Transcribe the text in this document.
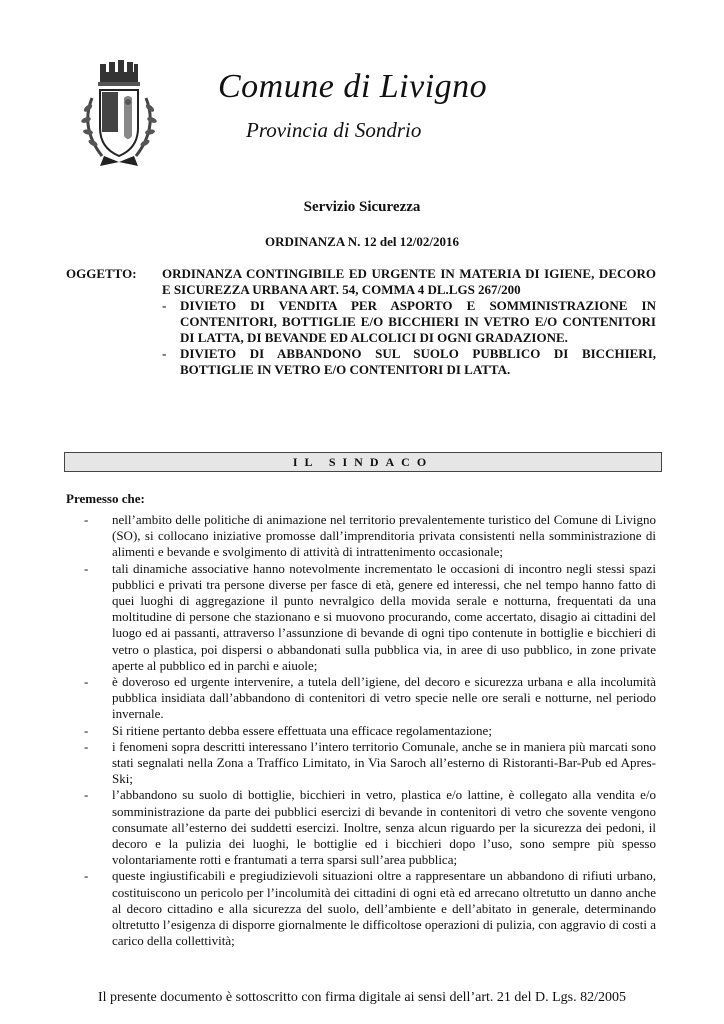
Comune di Livigno
Provincia di Sondrio
Servizio Sicurezza
ORDINANZA N. 12 del 12/02/2016
OGGETTO: ORDINANZA CONTINGIBILE ED URGENTE IN MATERIA DI IGIENE, DECORO E SICUREZZA URBANA ART. 54, COMMA 4 DL.LGS 267/200
-	DIVIETO DI VENDITA PER ASPORTO E SOMMINISTRAZIONE IN CONTENITORI, BOTTIGLIE E/O BICCHIERI IN VETRO E/O CONTENITORI DI LATTA, DI BEVANDE ED ALCOLICI DI OGNI GRADAZIONE.
-	DIVIETO DI ABBANDONO SUL SUOLO PUBBLICO DI BICCHIERI, BOTTIGLIE IN VETRO E/O CONTENITORI DI LATTA.
IL SINDACO
Premesso che:
-	nell’ambito delle politiche di animazione nel territorio prevalentemente turistico del Comune di Livigno (SO), si collocano iniziative promosse dall’imprenditoria privata consistenti nella somministrazione di alimenti e bevande e svolgimento di attività di intrattenimento occasionale;
-	tali dinamiche associative hanno notevolmente incrementato le occasioni di incontro negli stessi spazi pubblici e privati tra persone diverse per fasce di età, genere ed interessi, che nel tempo hanno fatto di quei luoghi di aggregazione il punto nevralgico della movida serale e notturna, frequentati da una moltitudine di persone che stazionano e si muovono procurando, come accertato, disagio ai cittadini del luogo ed ai passanti, attraverso l’assunzione di bevande di ogni tipo contenute in bottiglie e bicchieri di vetro o plastica, poi dispersi o abbandonati sulla pubblica via, in aree di uso pubblico, in zone private aperte al pubblico ed in parchi e aiuole;
-	è doveroso ed urgente intervenire, a tutela dell’igiene, del decoro e sicurezza urbana e alla incolumità pubblica insidiata dall’abbandono di contenitori di vetro specie nelle ore serali e notturne, nel periodo invernale.
-	Si ritiene pertanto debba essere effettuata una efficace regolamentazione;
-	i fenomeni sopra descritti interessano l’intero territorio Comunale, anche se in maniera più marcati sono stati segnalati nella Zona a Traffico Limitato, in Via Saroch all’esterno di Ristoranti-Bar-Pub ed Apres-Ski;
-	l’abbandono su suolo di bottiglie, bicchieri in vetro, plastica e/o lattine, è collegato alla vendita e/o somministrazione da parte dei pubblici esercizi di bevande in contenitori di vetro che sovente vengono consumate all’esterno dei suddetti esercizi. Inoltre, senza alcun riguardo per la sicurezza dei pedoni, il decoro e la pulizia dei luoghi, le bottiglie ed i bicchieri dopo l’uso, sono sempre più spesso volontariamente rotti e frantumati a terra sparsi sull’area pubblica;
-	queste ingiustificabili e pregiudizievoli situazioni oltre a rappresentare un abbandono di rifiuti urbano, costituiscono un pericolo per l’incolumità dei cittadini di ogni età ed arrecano oltretutto un danno anche al decoro cittadino e alla sicurezza del suolo, dell’ambiente e dell’abitato in generale, determinando oltretutto l’esigenza di disporre giornalmente le difficoltose operazioni di pulizia, con aggravio di costi a carico della collettività;
Il presente documento è sottoscritto con firma digitale ai sensi dell’art. 21 del D. Lgs. 82/2005
